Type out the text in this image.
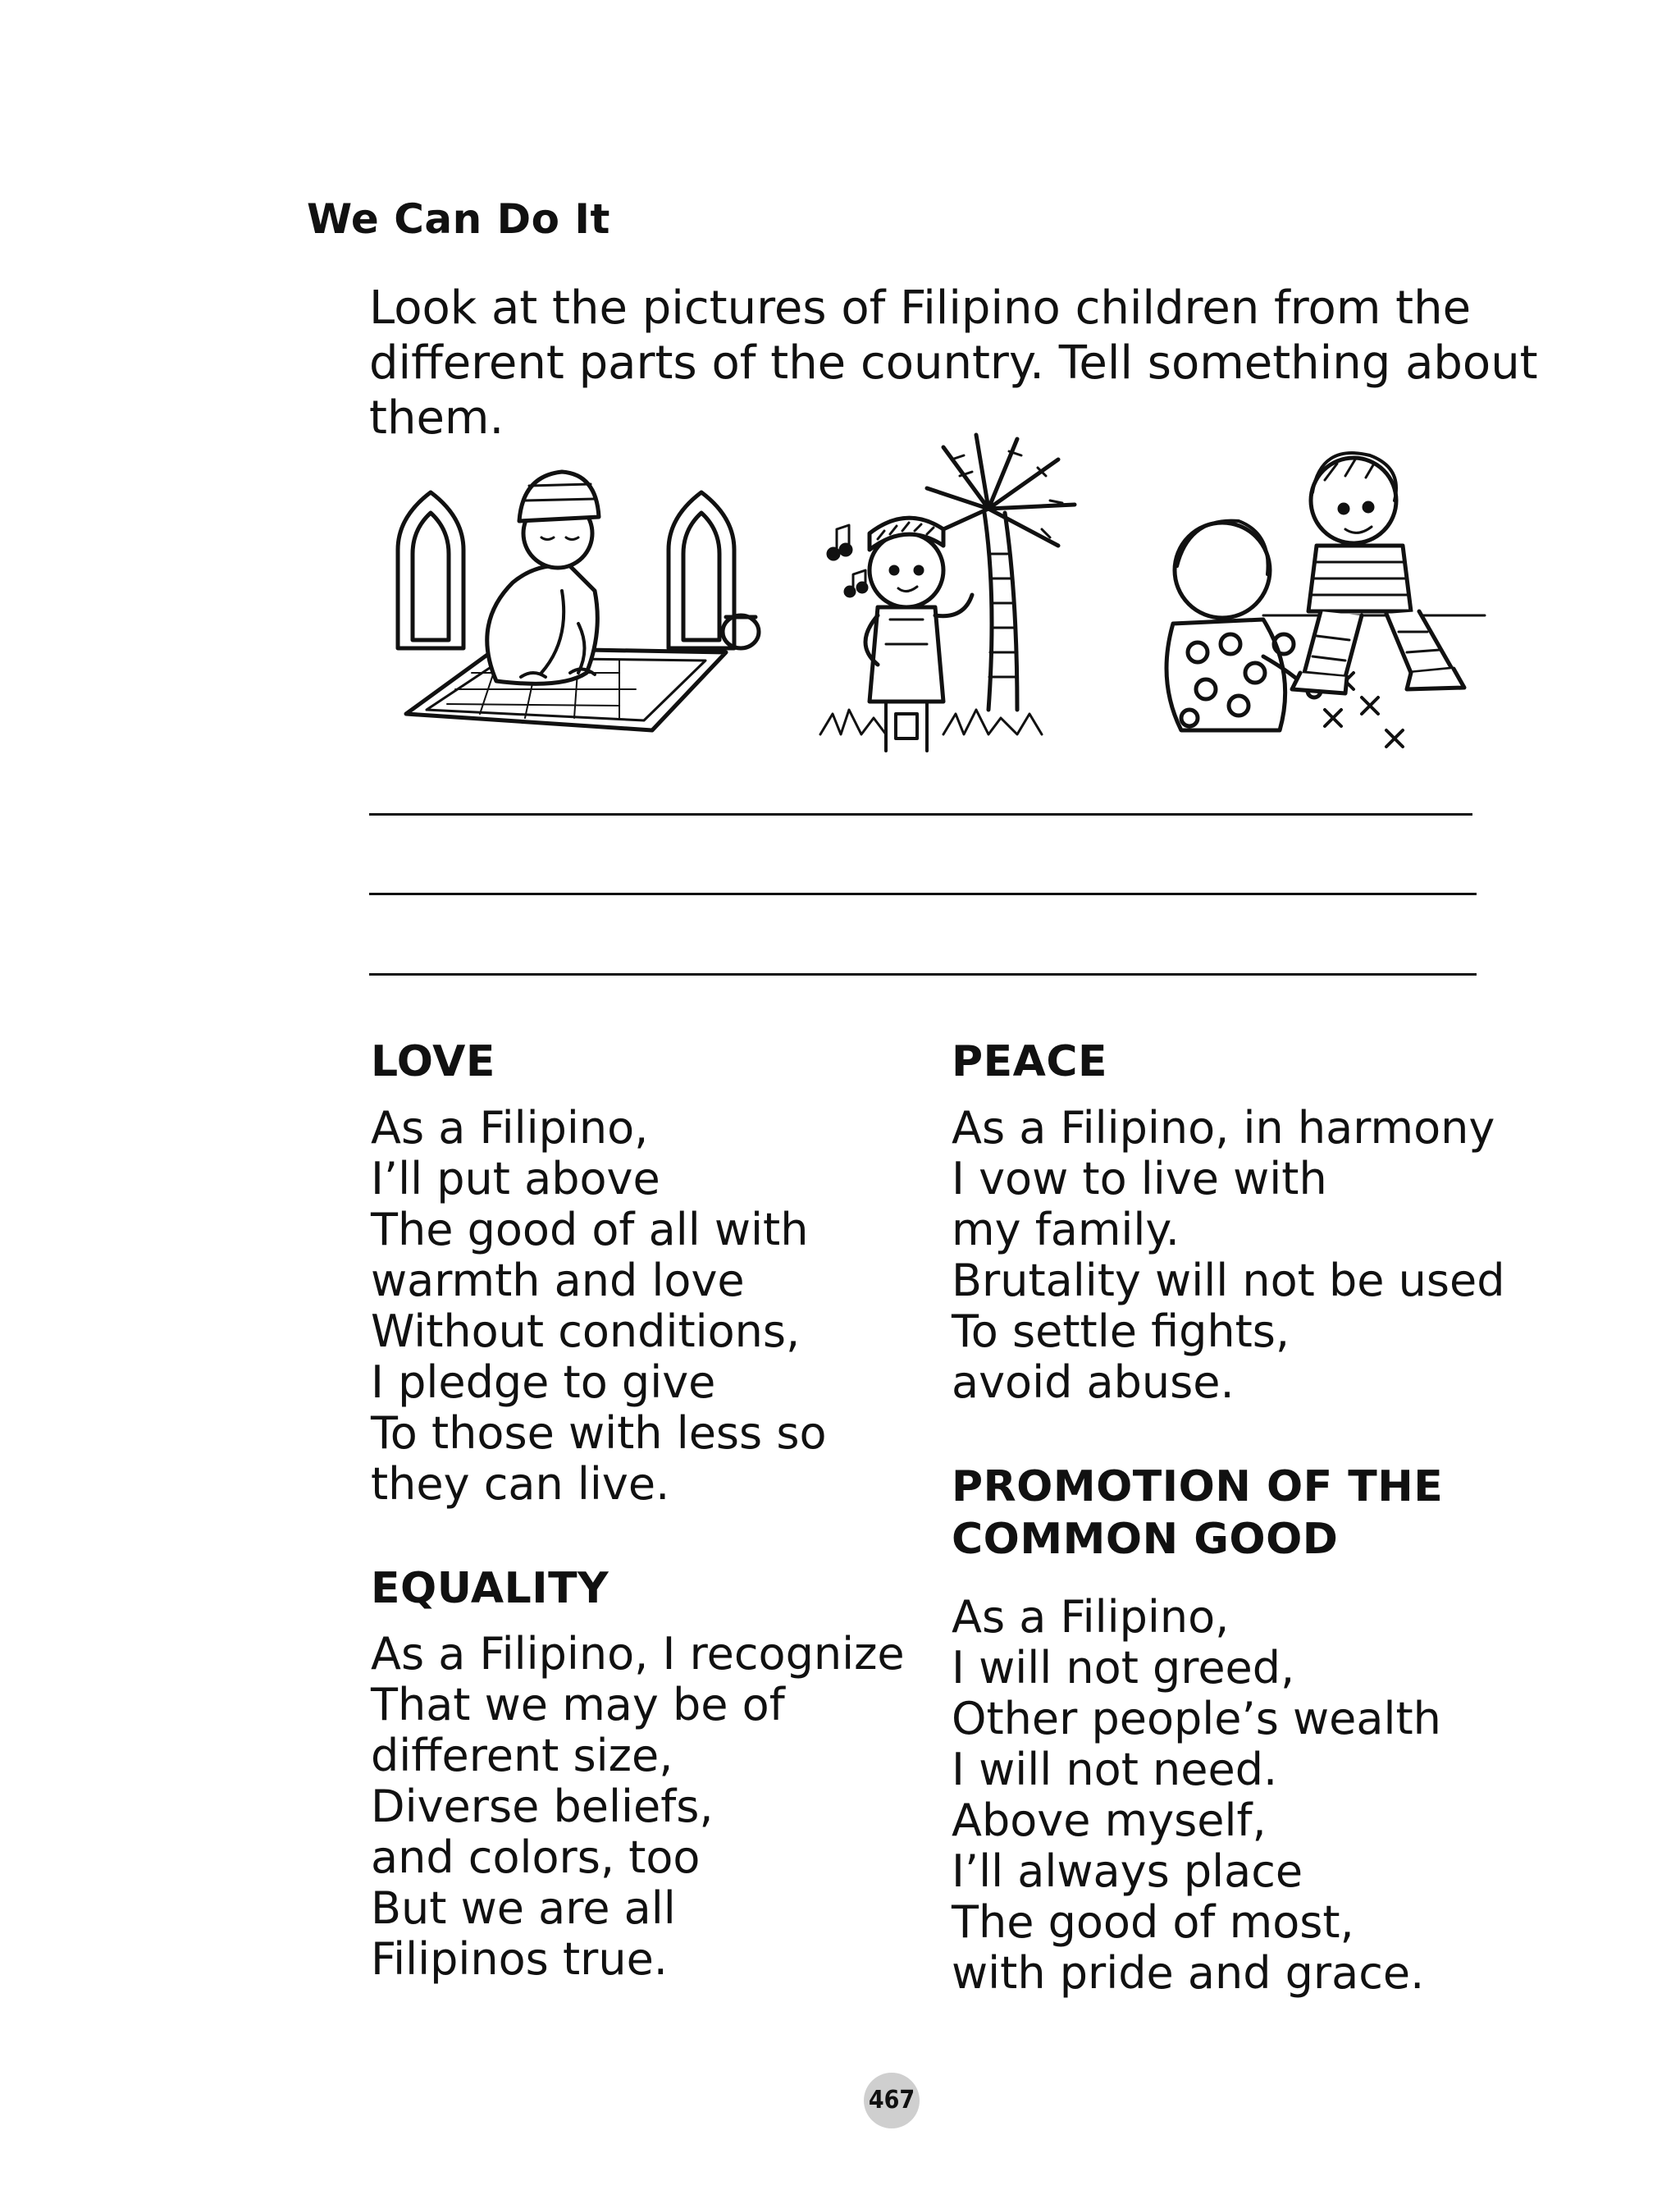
We Can Do It
Look at the pictures of Filipino children from the
different parts of the country. Tell something about
them.
LOVE
As a Filipino,
I’ll put above
The good of all with
warmth and love
Without conditions,
I pledge to give
To those with less so
they can live.
EQUALITY
As a Filipino, I recognize
That we may be of
different size,
Diverse beliefs,
and colors, too
But we are all
Filipinos true.
PEACE
As a Filipino, in harmony
I vow to live with
my family.
Brutality will not be used
To settle fights,
avoid abuse.
PROMOTION OF THE
COMMON GOOD
As a Filipino,
I will not greed,
Other people’s wealth
I will not need.
Above myself,
I’ll always place
The good of most,
with pride and grace.
467
